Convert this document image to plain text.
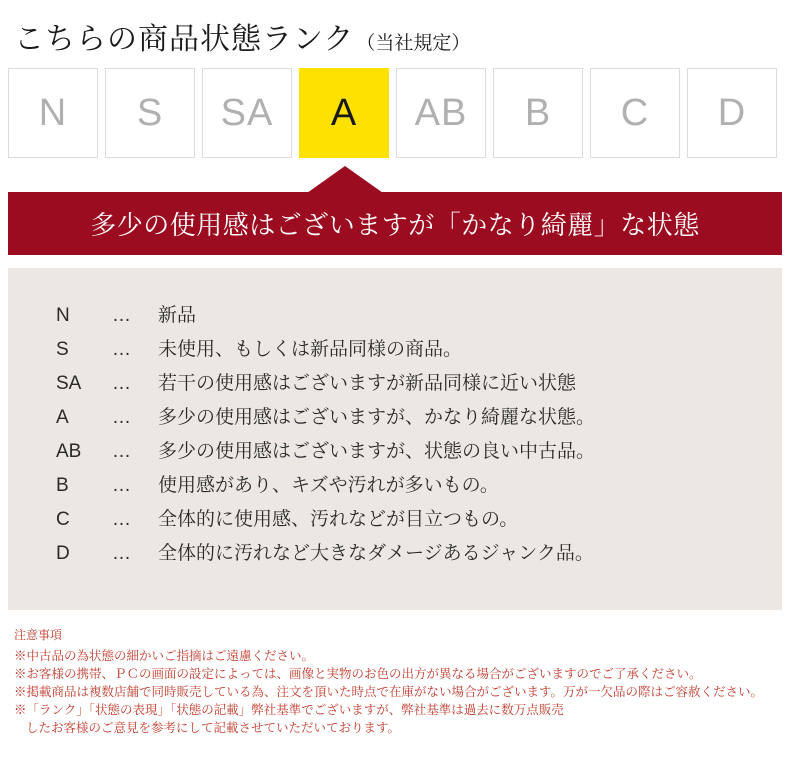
こちらの商品状態ランク （当社規定）
N	S	SA	A	AB	B	C	D
多少の使用感はございますが「かなり綺麗」な状態
N	…	新品
S	…	未使用、もしくは新品同様の商品。
SA	…	若干の使用感はございますが新品同様に近い状態
A	…	多少の使用感はございますが、かなり綺麗な状態。
AB	…	多少の使用感はございますが、状態の良い中古品。
B	…	使用感があり、キズや汚れが多いもの。
C	…	全体的に使用感、汚れなどが目立つもの。
D	…	全体的に汚れなど大きなダメージあるジャンク品。
注意事項
※中古品の為状態の細かいご指摘はご遠慮ください。
※お客様の携帯、ＰＣの画面の設定によっては、画像と実物のお色の出方が異なる場合がございますのでご了承ください。
※掲載商品は複数店舗で同時販売している為、注文を頂いた時点で在庫がない場合がございます。万が一欠品の際はご容赦ください。
※「ランク」「状態の表現」「状態の記載」弊社基準でございますが、弊社基準は過去に数万点販売
したお客様のご意見を参考にして記載させていただいております。
